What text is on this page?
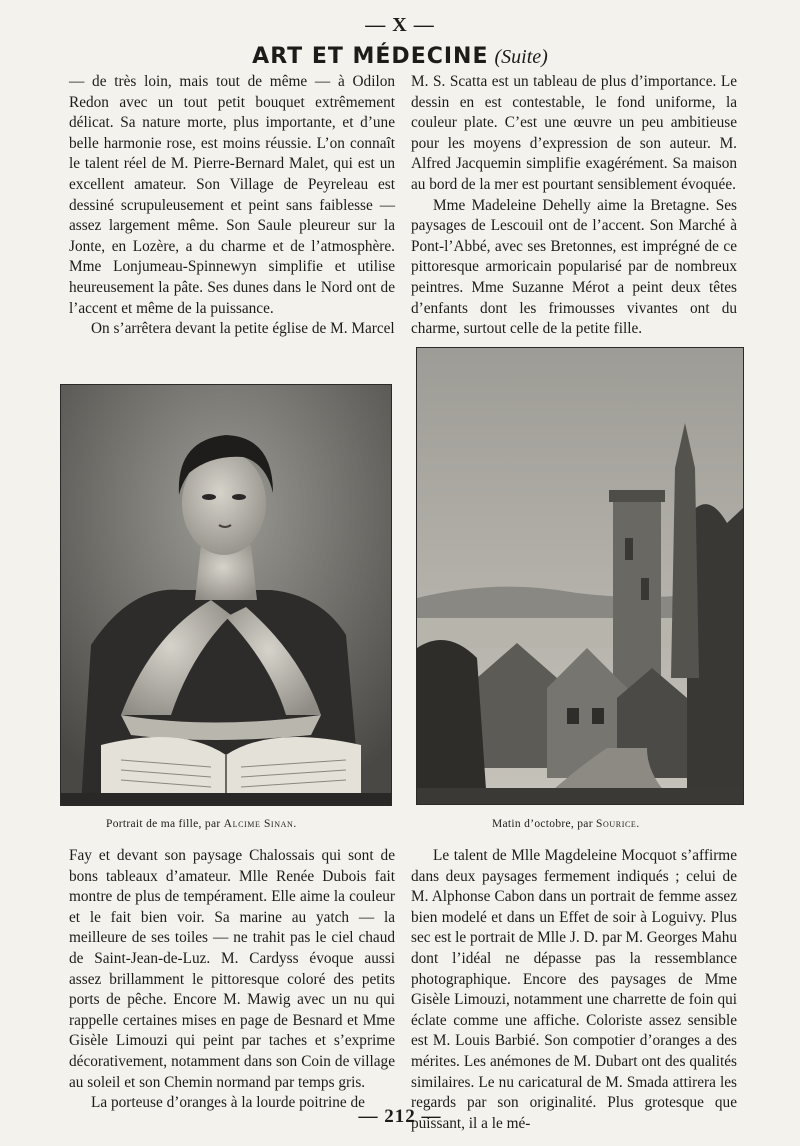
— X —
ART ET MÉDECINE (Suite)

— de très loin, mais tout de même — à Odilon Redon avec un tout petit bouquet extrêmement délicat. Sa nature morte, plus importante, et d’une belle harmonie rose, est moins réussie. L’on connaît le talent réel de M. Pierre-Bernard Malet, qui est un excellent amateur. Son Village de Peyreleau est dessiné scrupuleusement et peint sans faiblesse — assez largement même. Son Saule pleureur sur la Jonte, en Lozère, a du charme et de l’atmosphère. Mme Lonjumeau-Spinnewyn simplifie et utilise heureusement la pâte. Ses dunes dans le Nord ont de l’accent et même de la puissance.

On s’arrêtera devant la petite église de M. Marcel

M. S. Scatta est un tableau de plus d’importance. Le dessin en est contestable, le fond uniforme, la couleur plate. C’est une œuvre un peu ambitieuse pour les moyens d’expression de son auteur. M. Alfred Jacquemin simplifie exagérément. Sa maison au bord de la mer est pourtant sensiblement évoquée.

Mme Madeleine Dehelly aime la Bretagne. Ses paysages de Lescouil ont de l’accent. Son Marché à Pont-l’Abbé, avec ses Bretonnes, est imprégné de ce pittoresque armoricain popularisé par de nombreux peintres. Mme Suzanne Mérot a peint deux têtes d’enfants dont les frimousses vivantes ont du charme, surtout celle de la petite fille.

Portrait de ma fille, par Alcime Sinan.	Matin d’octobre, par Sourice.

Fay et devant son paysage Chalossais qui sont de bons tableaux d’amateur. Mlle Renée Dubois fait montre de plus de tempérament. Elle aime la couleur et le fait bien voir. Sa marine au yatch — la meilleure de ses toiles — ne trahit pas le ciel chaud de Saint-Jean-de-Luz. M. Cardyss évoque aussi assez brillamment le pittoresque coloré des petits ports de pêche. Encore M. Mawig avec un nu qui rappelle certaines mises en page de Besnard et Mme Gisèle Limouzi qui peint par taches et s’exprime décorativement, notamment dans son Coin de village au soleil et son Chemin normand par temps gris.

La porteuse d’oranges à la lourde poitrine de

Le talent de Mlle Magdeleine Mocquot s’affirme dans deux paysages fermement indiqués ; celui de M. Alphonse Cabon dans un portrait de femme assez bien modelé et dans un Effet de soir à Loguivy. Plus sec est le portrait de Mlle J. D. par M. Georges Mahu dont l’idéal ne dépasse pas la ressemblance photographique. Encore des paysages de Mme Gisèle Limouzi, notamment une charrette de foin qui éclate comme une affiche. Coloriste assez sensible est M. Louis Barbié. Son compotier d’oranges a des mérites. Les anémones de M. Dubart ont des qualités similaires. Le nu caricatural de M. Smada attirera les regards par son originalité. Plus grotesque que puissant, il a le mé-

— 212 —
